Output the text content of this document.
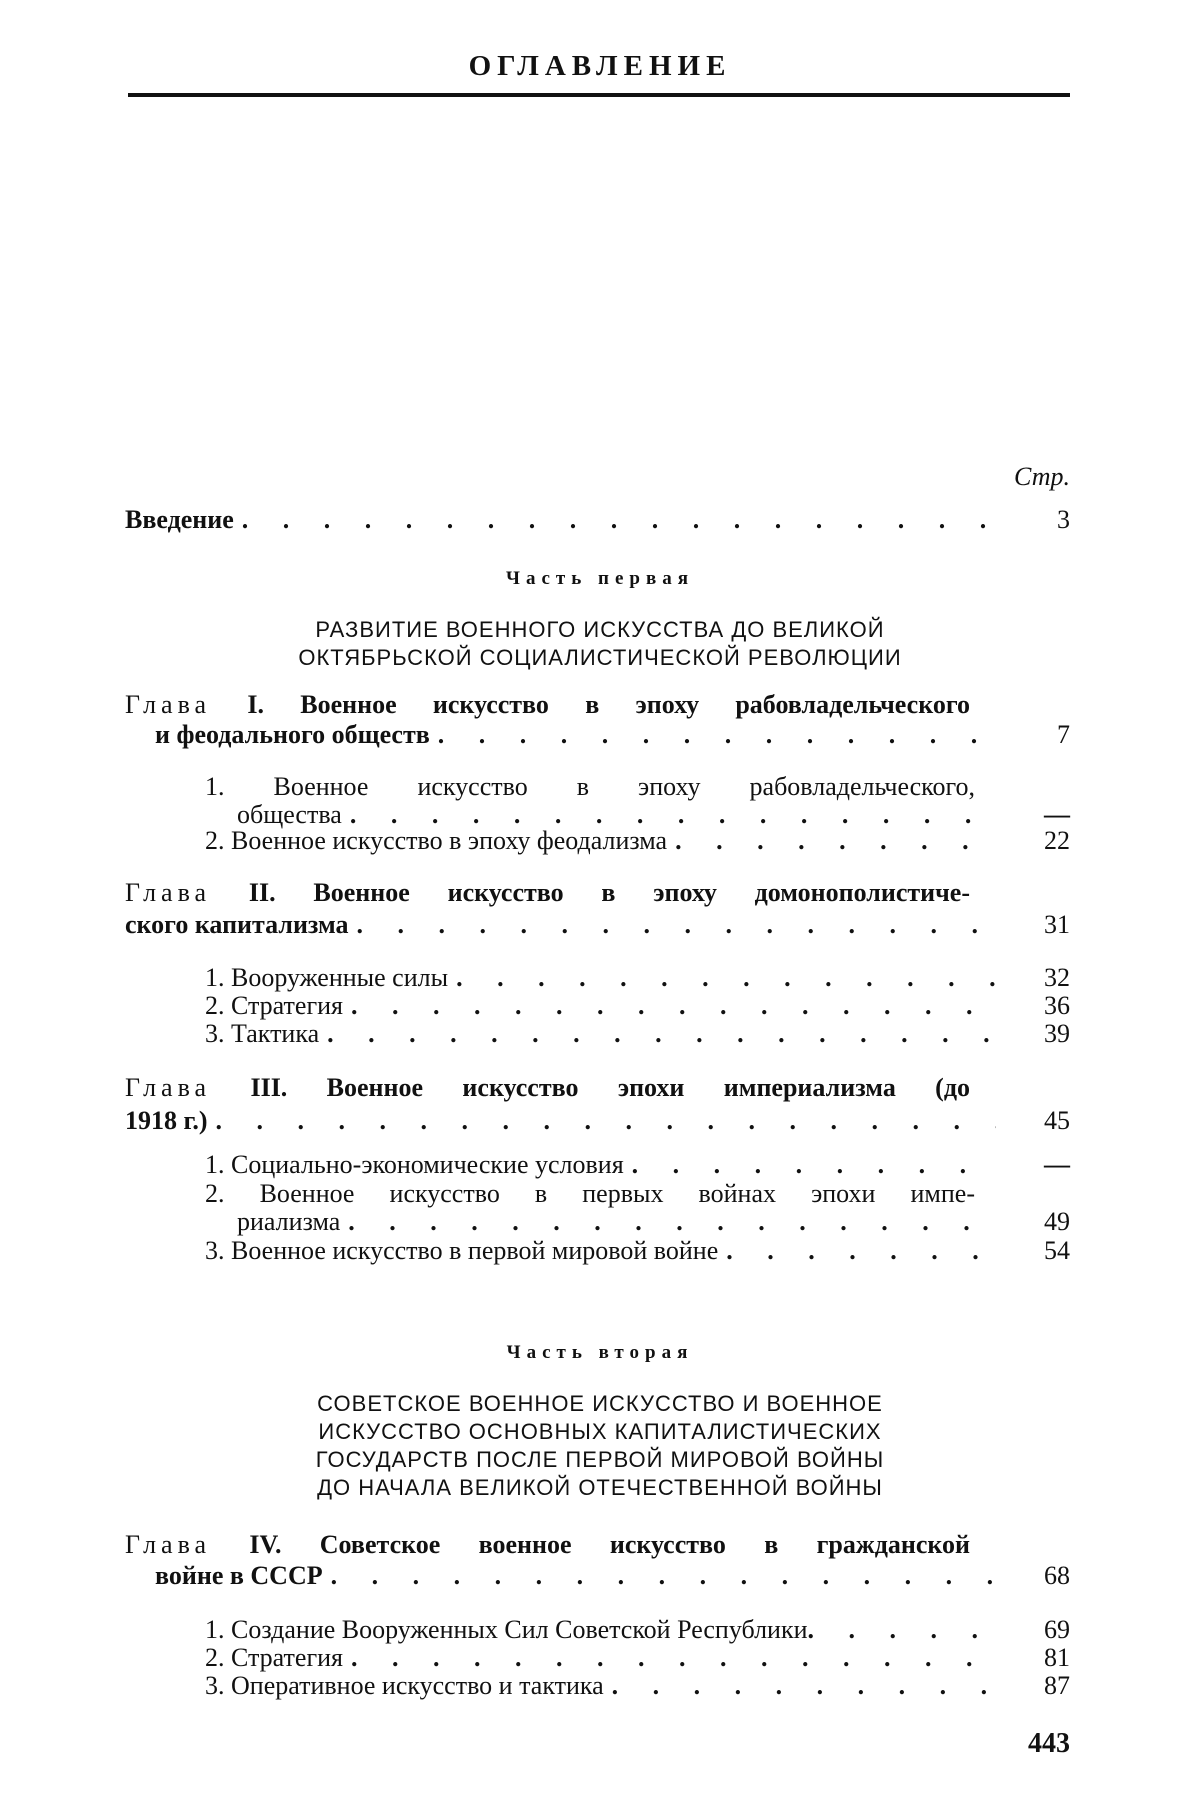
ОГЛАВЛЕНИЕ
Стр.
Введение . . .	3
Часть первая
РАЗВИТИЕ ВОЕННОГО ИСКУССТВА ДО ВЕЛИКОЙ
ОКТЯБРЬСКОЙ СОЦИАЛИСТИЧЕСКОЙ РЕВОЛЮЦИИ
Глава I. Военное искусство в эпоху рабовладельческого
и феодального обществ . . .	7
1. Военное искусство в эпоху рабовладельческого,
общества . . .	—
2. Военное искусство в эпоху феодализма . . .	22
Глава II. Военное искусство в эпоху домонополистиче-
ского капитализма . . .	31
1. Вооруженные силы . . .	32
2. Стратегия . . .	36
3. Тактика . . .	39
Глава III. Военное искусство эпохи империализма (до
1918 г.) . . .	45
1. Социально-экономические условия . . .	—
2. Военное искусство в первых войнах эпохи импе-
риализма . . .	49
3. Военное искусство в первой мировой войне . . .	54
Часть вторая
СОВЕТСКОЕ ВОЕННОЕ ИСКУССТВО И ВОЕННОЕ
ИСКУССТВО ОСНОВНЫХ КАПИТАЛИСТИЧЕСКИХ
ГОСУДАРСТВ ПОСЛЕ ПЕРВОЙ МИРОВОЙ ВОЙНЫ
ДО НАЧАЛА ВЕЛИКОЙ ОТЕЧЕСТВЕННОЙ ВОЙНЫ
Глава IV. Советское военное искусство в гражданской
войне в СССР . . .	68
1. Создание Вооруженных Сил Советской Республики . . .	69
2. Стратегия . . .	81
3. Оперативное искусство и тактика . . .	87
443
